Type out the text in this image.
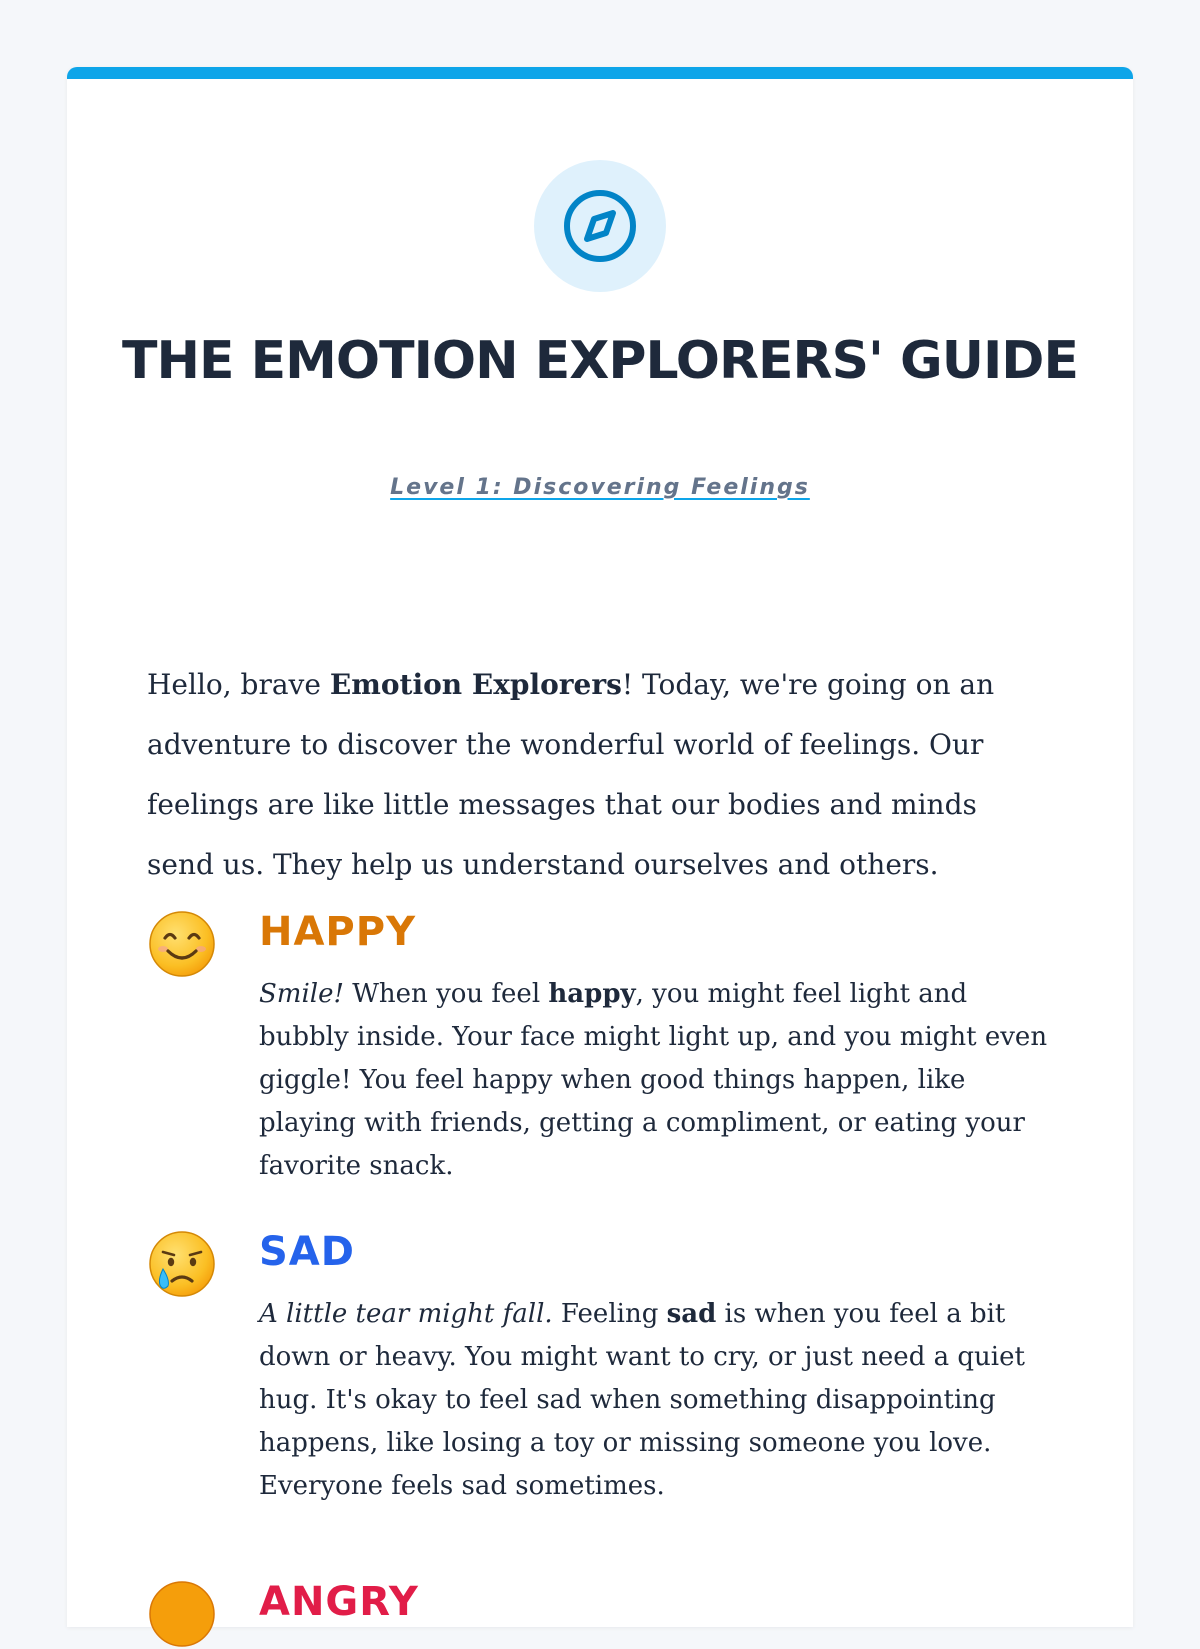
THE EMOTION EXPLORERS' GUIDE
Level 1: Discovering Feelings

Hello, brave Emotion Explorers! Today, we're going on an adventure to discover the wonderful world of feelings. Our feelings are like little messages that our bodies and minds send us. They help us understand ourselves and others.

HAPPY

Smile! When you feel happy, you might feel light and bubbly inside. Your face might light up, and you might even giggle! You feel happy when good things happen, like playing with friends, getting a compliment, or eating your favorite snack.

SAD

A little tear might fall. Feeling sad is when you feel a bit down or heavy. You might want to cry, or just need a quiet hug. It's okay to feel sad when something disappointing happens, like losing a toy or missing someone you love. Everyone feels sad sometimes.

ANGRY
